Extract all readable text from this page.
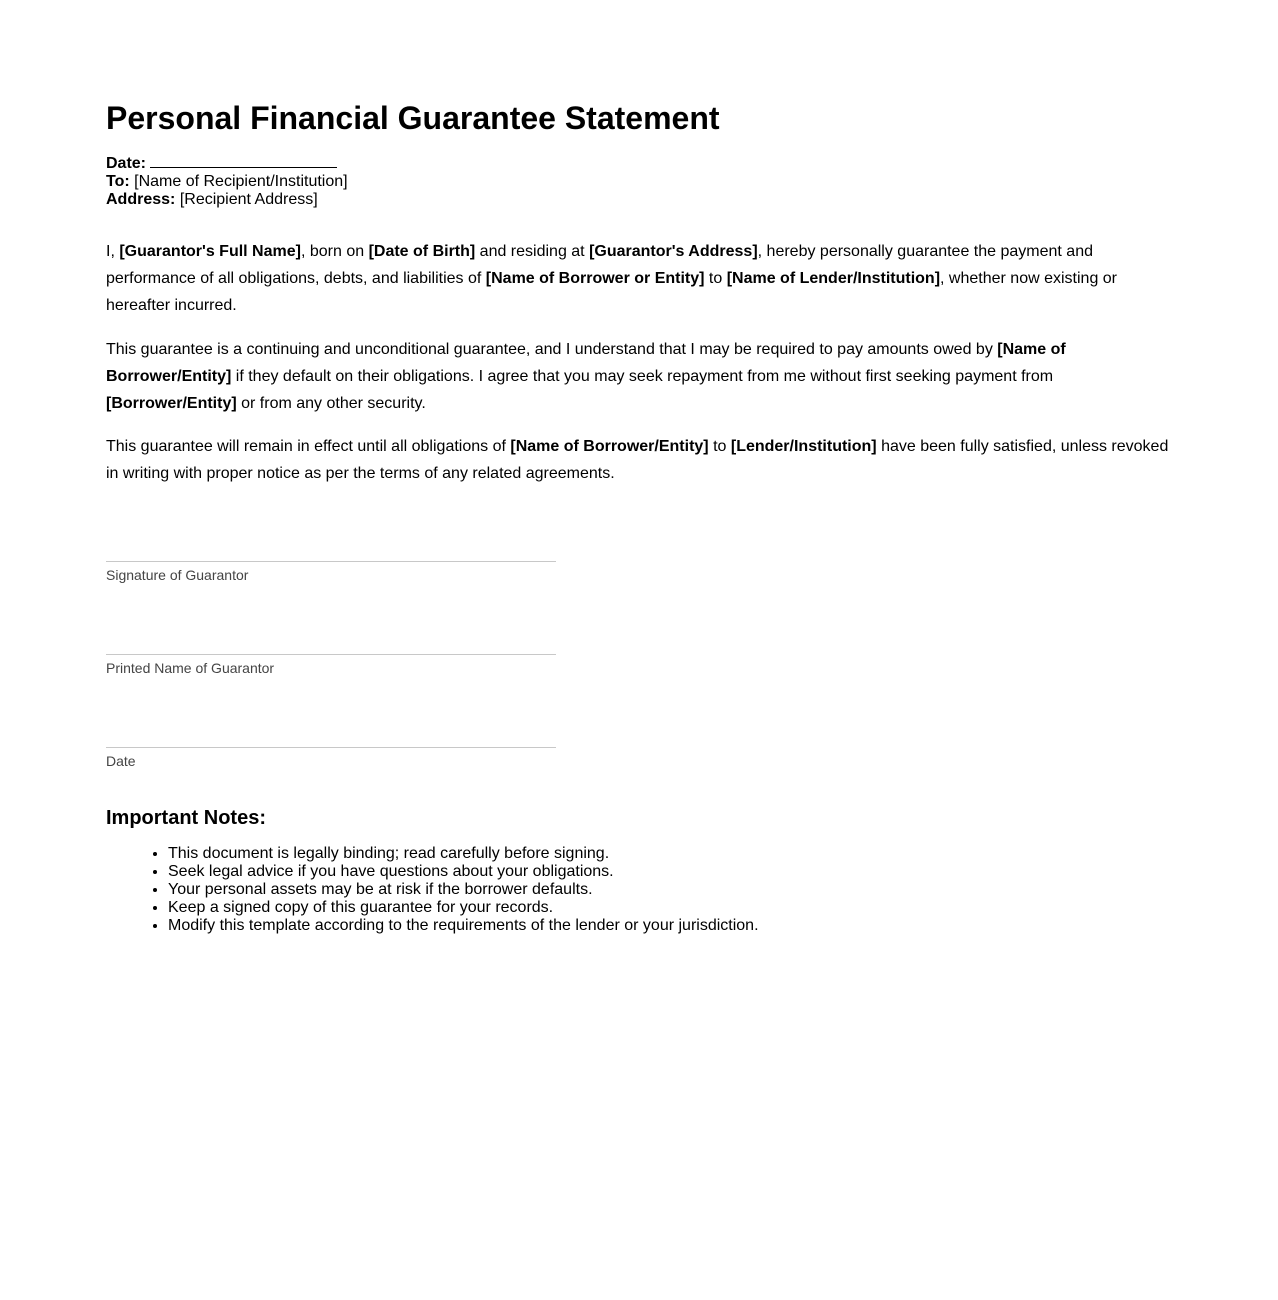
Personal Financial Guarantee Statement
Date:
To: [Name of Recipient/Institution]
Address: [Recipient Address]

I, [Guarantor's Full Name], born on [Date of Birth] and residing at [Guarantor's Address], hereby personally guarantee the payment and performance of all obligations, debts, and liabilities of [Name of Borrower or Entity] to [Name of Lender/Institution], whether now existing or hereafter incurred.

This guarantee is a continuing and unconditional guarantee, and I understand that I may be required to pay amounts owed by [Name of Borrower/Entity] if they default on their obligations. I agree that you may seek repayment from me without first seeking payment from [Borrower/Entity] or from any other security.

This guarantee will remain in effect until all obligations of [Name of Borrower/Entity] to [Lender/Institution] have been fully satisfied, unless revoked in writing with proper notice as per the terms of any related agreements.

Signature of Guarantor
Printed Name of Guarantor
Date
Important Notes:
• This document is legally binding; read carefully before signing.
• Seek legal advice if you have questions about your obligations.
• Your personal assets may be at risk if the borrower defaults.
• Keep a signed copy of this guarantee for your records.
• Modify this template according to the requirements of the lender or your jurisdiction.
